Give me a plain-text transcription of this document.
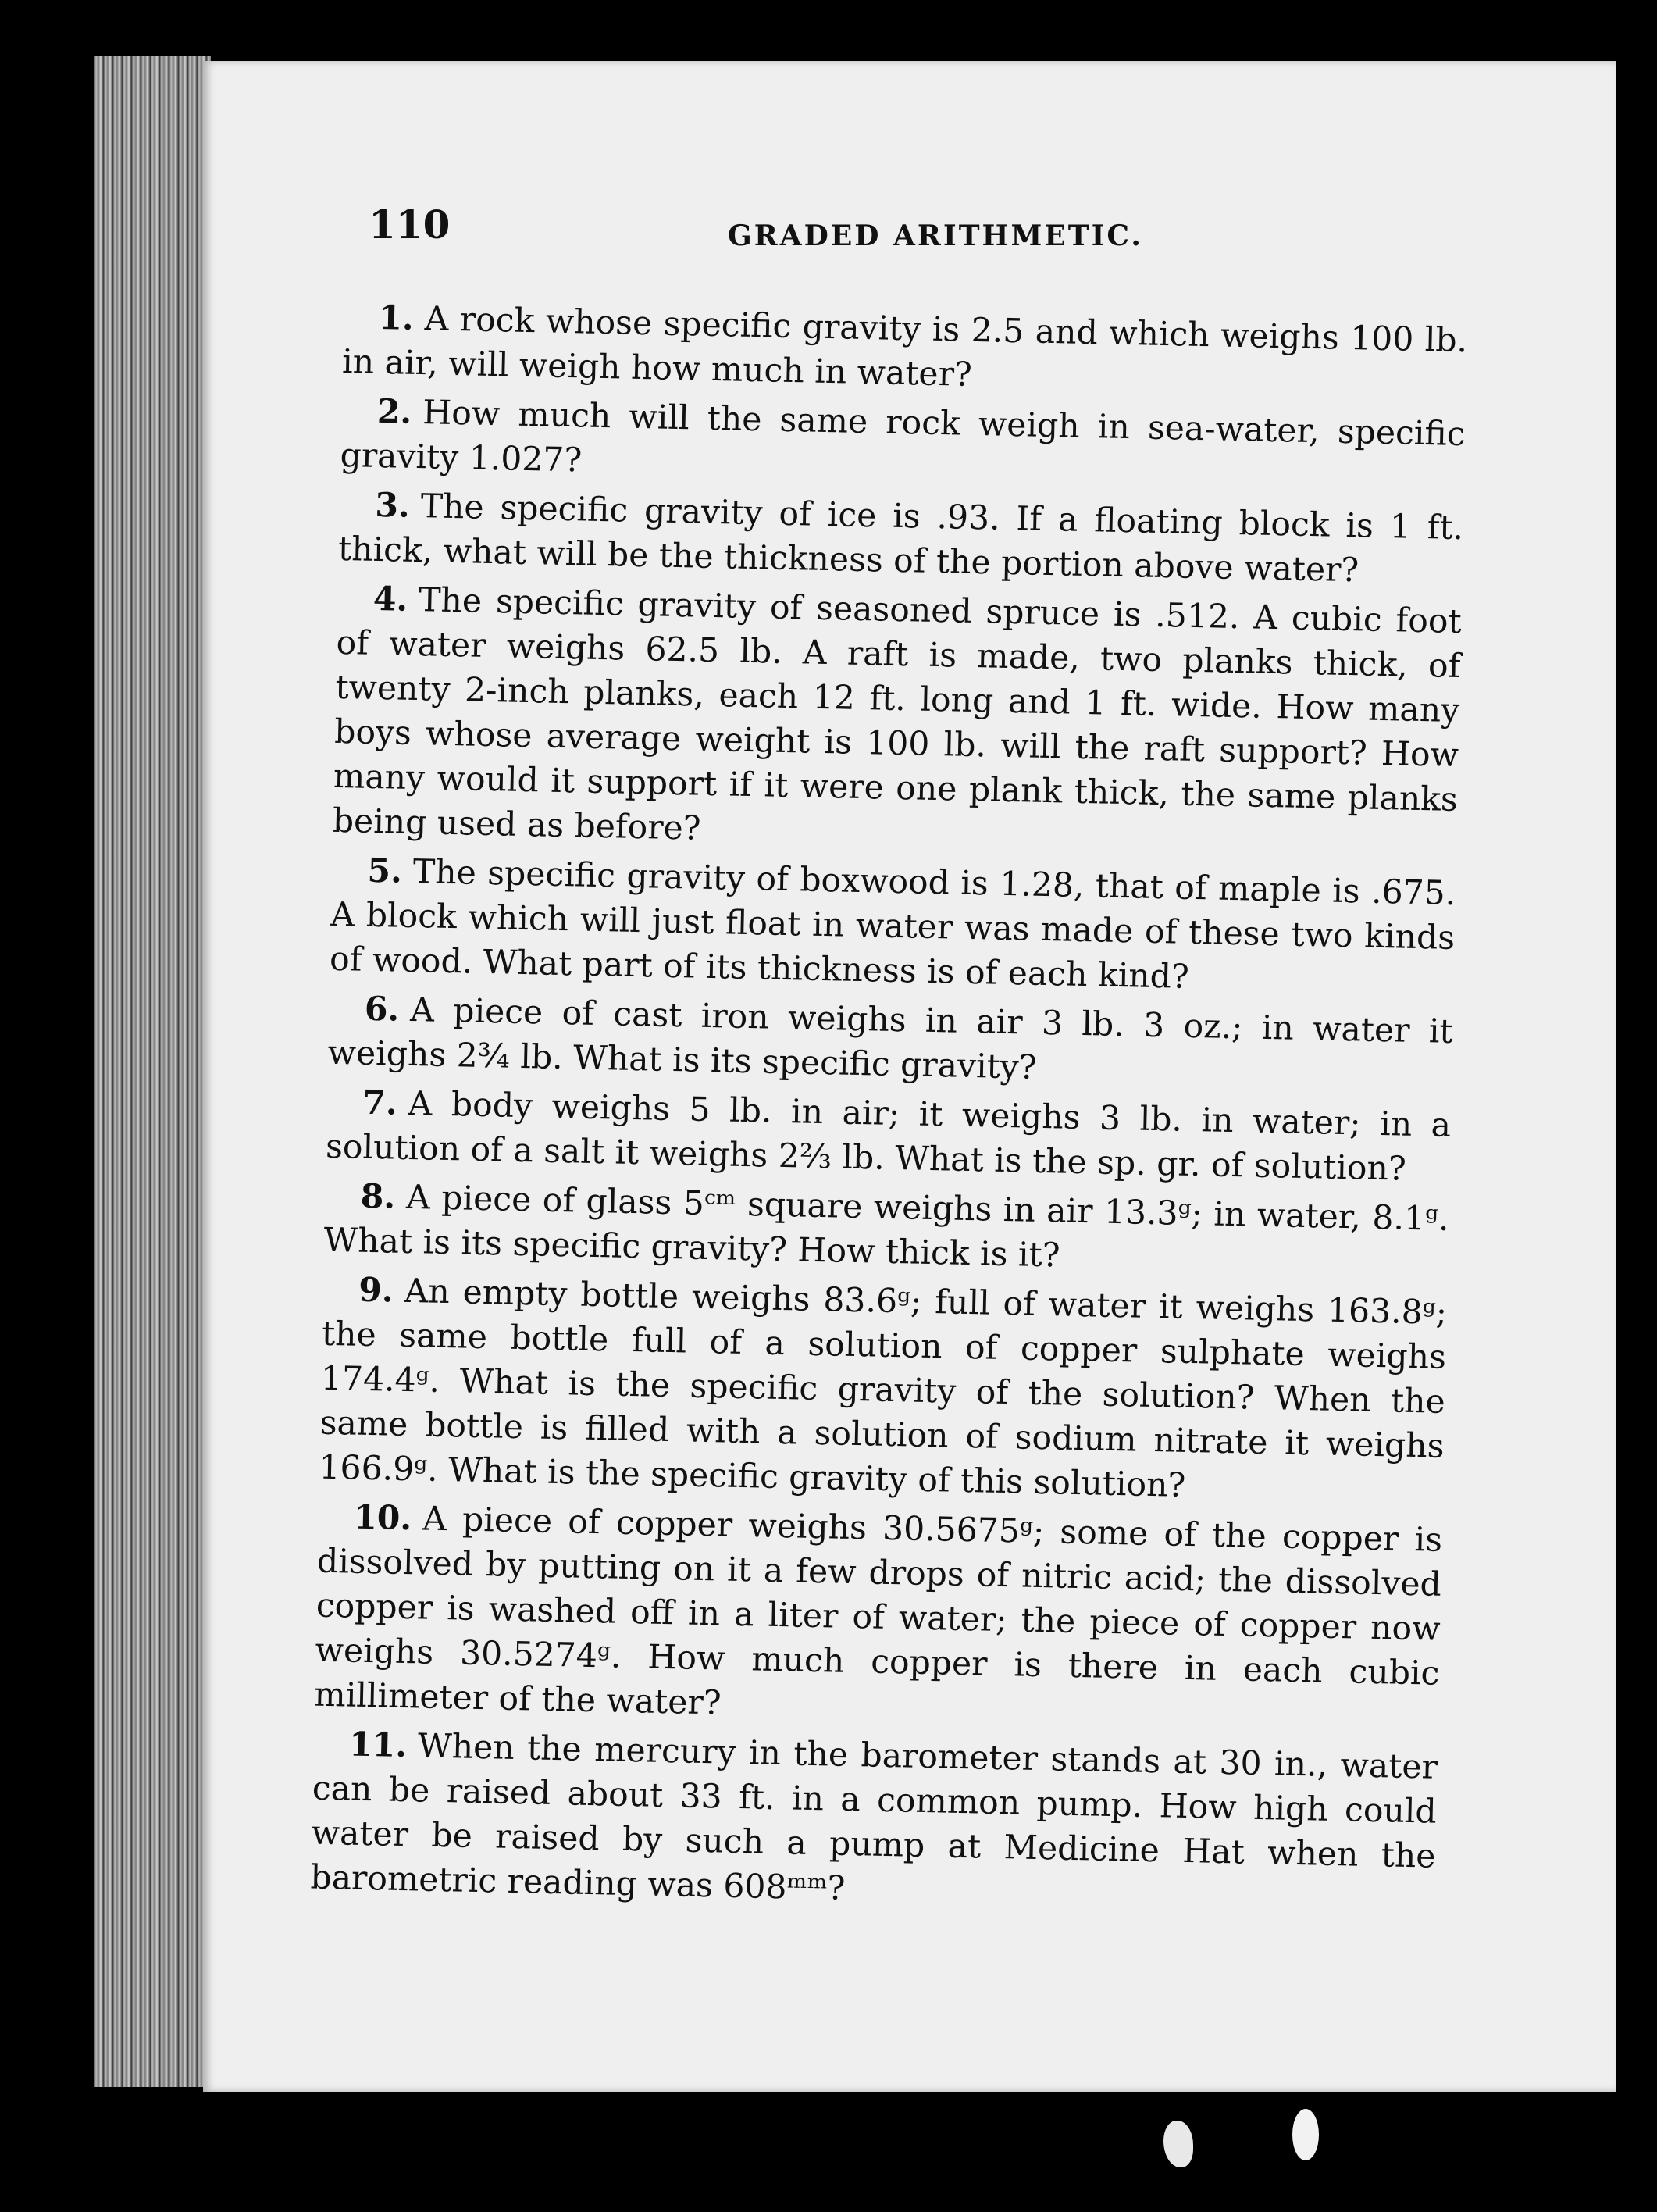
110	GRADED ARITHMETIC.

1. A rock whose specific gravity is 2.5 and which weighs 100 lb. in air, will weigh how much in water?

2. How much will the same rock weigh in sea-water, specific gravity 1.027?

3. The specific gravity of ice is .93. If a floating block is 1 ft. thick, what will be the thickness of the portion above water?

4. The specific gravity of seasoned spruce is .512. A cubic foot of water weighs 62.5 lb. A raft is made, two planks thick, of twenty 2-inch planks, each 12 ft. long and 1 ft. wide. How many boys whose average weight is 100 lb. will the raft support? How many would it support if it were one plank thick, the same planks being used as before?

5. The specific gravity of boxwood is 1.28, that of maple is .675. A block which will just float in water was made of these two kinds of wood. What part of its thickness is of each kind?

6. A piece of cast iron weighs in air 3 lb. 3 oz.; in water it weighs 2¾ lb. What is its specific gravity?

7. A body weighs 5 lb. in air; it weighs 3 lb. in water; in a solution of a salt it weighs 2⅔ lb. What is the sp. gr. of solution?

8. A piece of glass 5ᶜᵐ square weighs in air 13.3ᵍ; in water, 8.1ᵍ. What is its specific gravity? How thick is it?

9. An empty bottle weighs 83.6ᵍ; full of water it weighs 163.8ᵍ; the same bottle full of a solution of copper sulphate weighs 174.4ᵍ. What is the specific gravity of the solution? When the same bottle is filled with a solution of sodium nitrate it weighs 166.9ᵍ. What is the specific gravity of this solution?

10. A piece of copper weighs 30.5675ᵍ; some of the copper is dissolved by putting on it a few drops of nitric acid; the dissolved copper is washed off in a liter of water; the piece of copper now weighs 30.5274ᵍ. How much copper is there in each cubic millimeter of the water?

11. When the mercury in the barometer stands at 30 in., water can be raised about 33 ft. in a common pump. How high could water be raised by such a pump at Medicine Hat when the barometric reading was 608ᵐᵐ?
